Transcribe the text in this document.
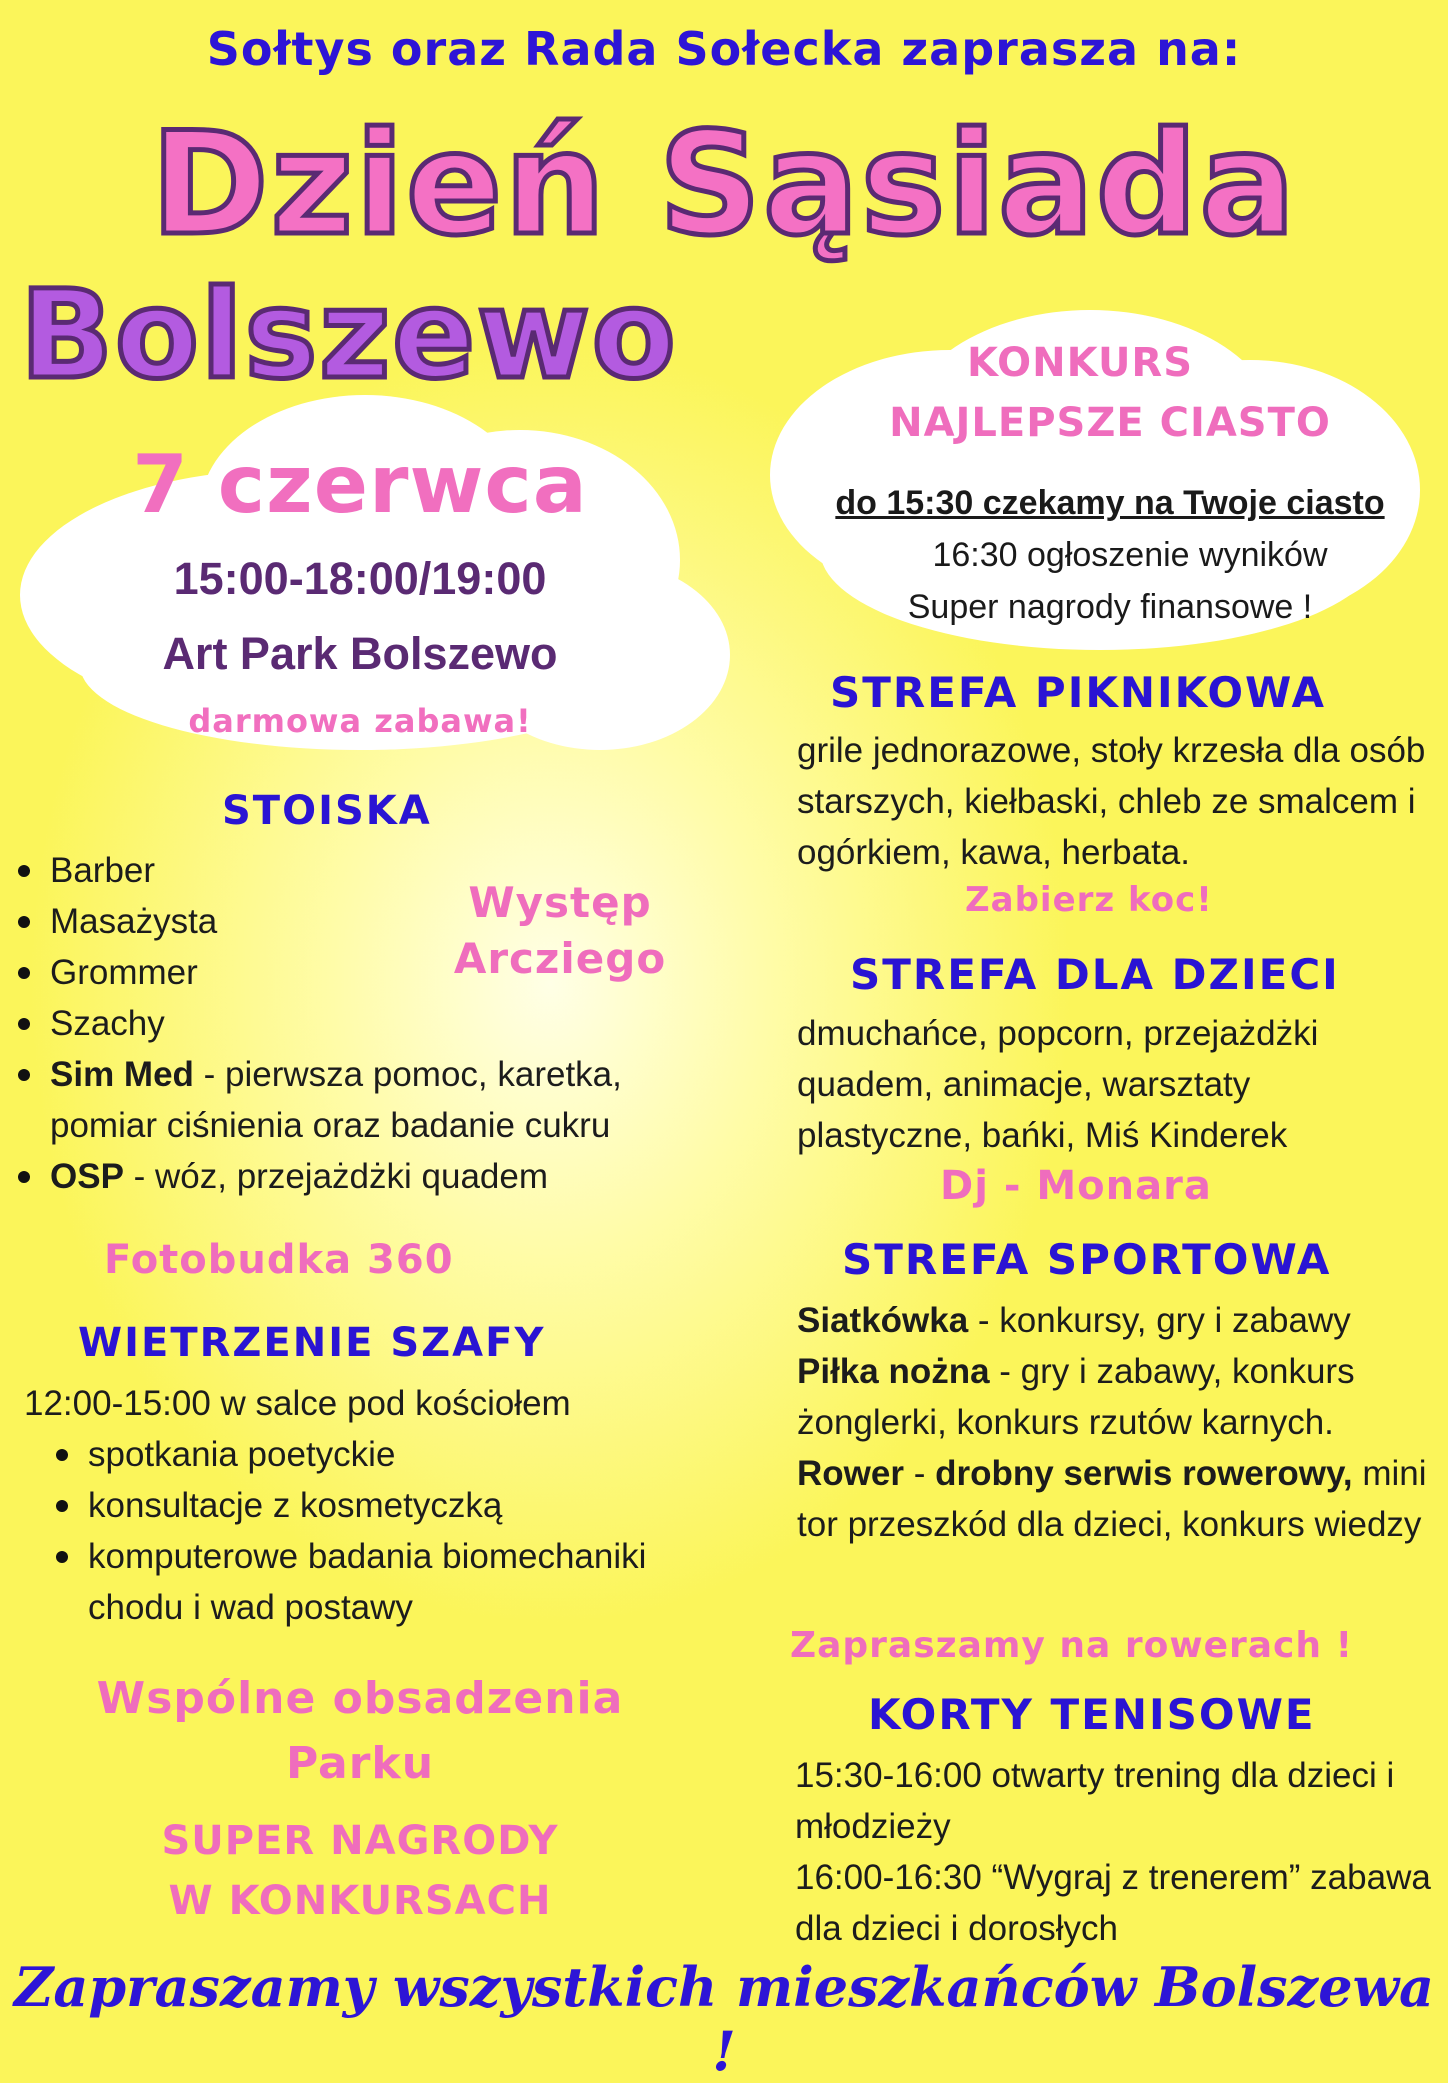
Sołtys oraz Rada Sołecka zaprasza na:
Dzień Sąsiada
Bolszewo
7 czerwca
15:00-18:00/19:00
Art Park Bolszewo
darmowa zabawa!
KONKURS
NAJLEPSZE CIASTO
do 15:30 czekamy na Twoje ciasto
16:30 ogłoszenie wyników
Super nagrody finansowe !
STOISKA
Barber
Masażysta
Grommer
Szachy
Sim Med - pierwsza pomoc, karetka, pomiar ciśnienia oraz badanie cukru
OSP - wóz, przejażdżki quadem
Występ
Arcziego
Fotobudka 360
WIETRZENIE SZAFY
12:00-15:00 w salce pod kościołem
spotkania poetyckie
konsultacje z kosmetyczką
komputerowe badania biomechaniki chodu i wad postawy
Wspólne obsadzenia
Parku
SUPER NAGRODY
W KONKURSACH
STREFA PIKNIKOWA
grile jednorazowe, stoły krzesła dla osób starszych, kiełbaski, chleb ze smalcem i ogórkiem, kawa, herbata.
Zabierz koc!
STREFA DLA DZIECI
dmuchańce, popcorn, przejażdżki quadem, animacje, warsztaty plastyczne, bańki, Miś Kinderek
Dj - Monara
STREFA SPORTOWA
Siatkówka - konkursy, gry i zabawy
Piłka nożna - gry i zabawy, konkurs żonglerki, konkurs rzutów karnych.
Rower - drobny serwis rowerowy, mini tor przeszkód dla dzieci, konkurs wiedzy
Zapraszamy na rowerach !
KORTY TENISOWE
15:30-16:00 otwarty trening dla dzieci i młodzieży
16:00-16:30 “Wygraj z trenerem” zabawa dla dzieci i dorosłych
Zapraszamy wszystkich mieszkańców Bolszewa !
